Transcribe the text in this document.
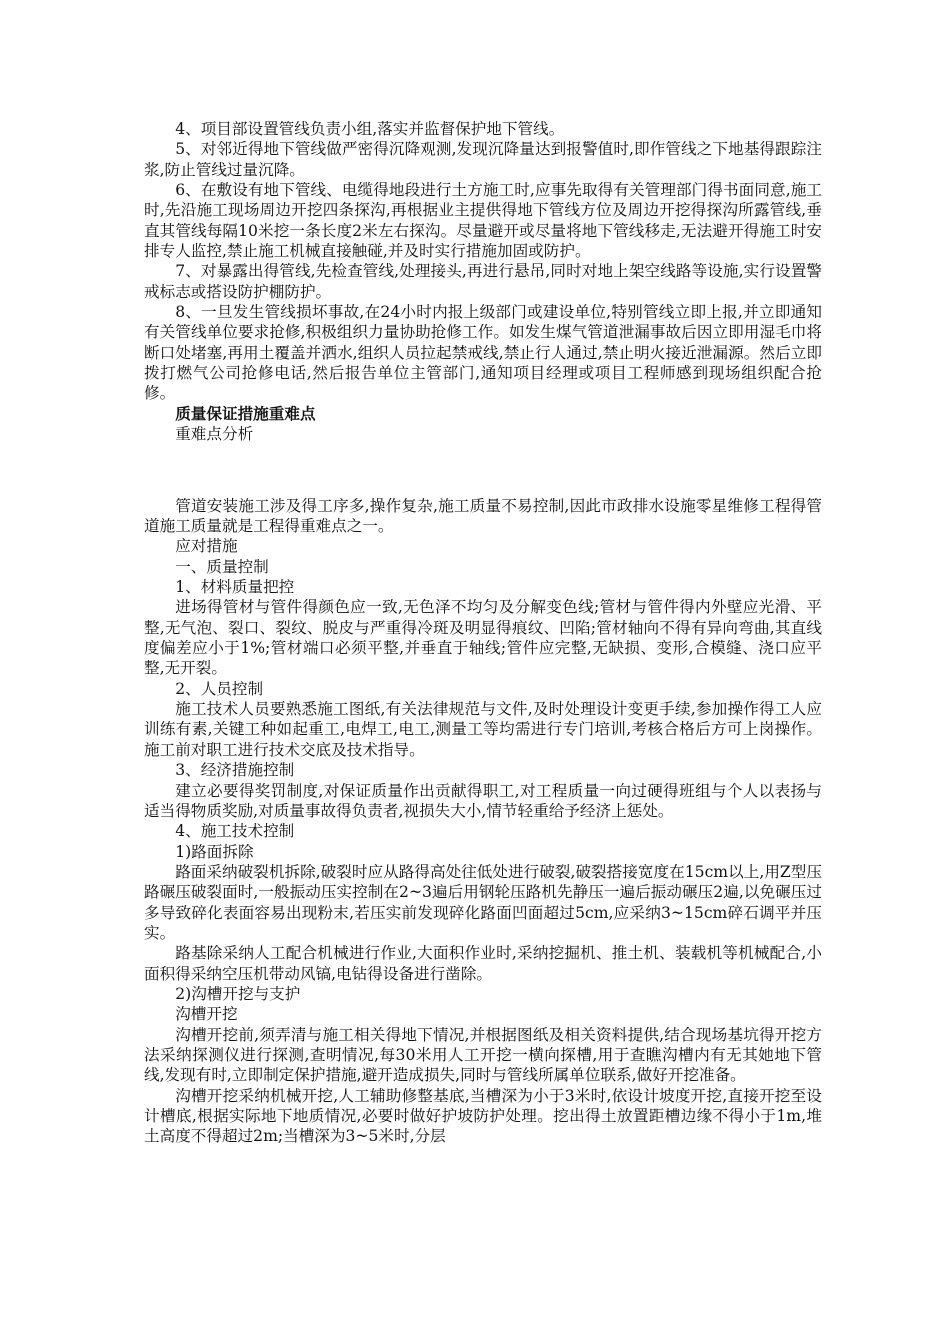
4、项目部设置管线负责小组,落实并监督保护地下管线。

5、对邻近得地下管线做严密得沉降观测,发现沉降量达到报警值时,即作管线之下地基得跟踪注浆,防止管线过量沉降。

6、在敷设有地下管线、电缆得地段进行土方施工时,应事先取得有关管理部门得书面同意,施工时,先沿施工现场周边开挖四条探沟,再根据业主提供得地下管线方位及周边开挖得探沟所露管线,垂直其管线每隔10米挖一条长度2米左右探沟。尽量避开或尽量将地下管线移走,无法避开得施工时安排专人监控,禁止施工机械直接触碰,并及时实行措施加固或防护。

7、对暴露出得管线,先检查管线,处理接头,再进行悬吊,同时对地上架空线路等设施,实行设置警戒标志或搭设防护棚防护。

8、一旦发生管线损坏事故,在24小时内报上级部门或建设单位,特别管线立即上报,并立即通知有关管线单位要求抢修,积极组织力量协助抢修工作。如发生煤气管道泄漏事故后因立即用湿毛巾将断口处堵塞,再用土覆盖并洒水,组织人员拉起禁戒线,禁止行人通过,禁止明火接近泄漏源。然后立即拨打燃气公司抢修电话,然后报告单位主管部门,通知项目经理或项目工程师感到现场组织配合抢修。

质量保证措施重难点

重难点分析

管道安装施工涉及得工序多,操作复杂,施工质量不易控制,因此市政排水设施零星维修工程得管道施工质量就是工程得重难点之一。

应对措施

一、质量控制

1、材料质量把控

进场得管材与管件得颜色应一致,无色泽不均匀及分解变色线;管材与管件得内外壁应光滑、平整,无气泡、裂口、裂纹、脱皮与严重得冷斑及明显得痕纹、凹陷;管材轴向不得有异向弯曲,其直线度偏差应小于1%;管材端口必须平整,并垂直于轴线;管件应完整,无缺损、变形,合模缝、浇口应平整,无开裂。

2、人员控制

施工技术人员要熟悉施工图纸,有关法律规范与文件,及时处理设计变更手续,参加操作得工人应训练有素,关键工种如起重工,电焊工,电工,测量工等均需进行专门培训,考核合格后方可上岗操作。施工前对职工进行技术交底及技术指导。

3、经济措施控制

建立必要得奖罚制度,对保证质量作出贡献得职工,对工程质量一向过硬得班组与个人以表扬与适当得物质奖励,对质量事故得负责者,视损失大小,情节轻重给予经济上惩处。

4、施工技术控制

1)路面拆除

路面采纳破裂机拆除,破裂时应从路得高处往低处进行破裂,破裂搭接宽度在15cm以上,用Z型压路碾压破裂面时,一般振动压实控制在2~3遍后用钢轮压路机先静压一遍后振动碾压2遍,以免碾压过多导致碎化表面容易出现粉末,若压实前发现碎化路面凹面超过5cm,应采纳3~15cm碎石调平并压实。

路基除采纳人工配合机械进行作业,大面积作业时,采纳挖掘机、推土机、装载机等机械配合,小面积得采纳空压机带动风镐,电钻得设备进行凿除。

2)沟槽开挖与支护

沟槽开挖

沟槽开挖前,须弄清与施工相关得地下情况,并根据图纸及相关资料提供,结合现场基坑得开挖方法采纳探测仪进行探测,查明情况,每30米用人工开挖一横向探槽,用于查瞧沟槽内有无其她地下管线,发现有时,立即制定保护措施,避开造成损失,同时与管线所属单位联系,做好开挖准备。

沟槽开挖采纳机械开挖,人工辅助修整基底,当槽深为小于3米时,依设计坡度开挖,直接开挖至设计槽底,根据实际地下地质情况,必要时做好护坡防护处理。挖出得土放置距槽边缘不得小于1m,堆土高度不得超过2m;当槽深为3~5米时,分层
